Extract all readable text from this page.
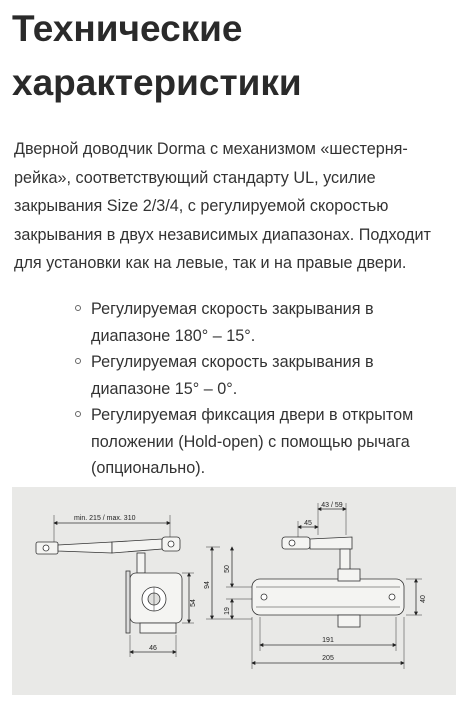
Технические
характеристики

Дверной доводчик Dorma с механизмом «шестерня-
рейка», соответствующий стандарту UL, усилие
закрывания Size 2/3/4, с регулируемой скоростью
закрывания в двух независимых диапазонах. Подходит
для установки как на левые, так и на правые двери.

Регулируемая скорость закрывания в
диапазоне 180° – 15°.
Регулируемая скорость закрывания в
диапазоне 15° – 0°.
Регулируемая фиксация двери в открытом
положении (Hold-open) с помощью рычага
(опционально).
min. 215 / max. 310
54
46
43 / 59
45
94
50
19
40
191
205
